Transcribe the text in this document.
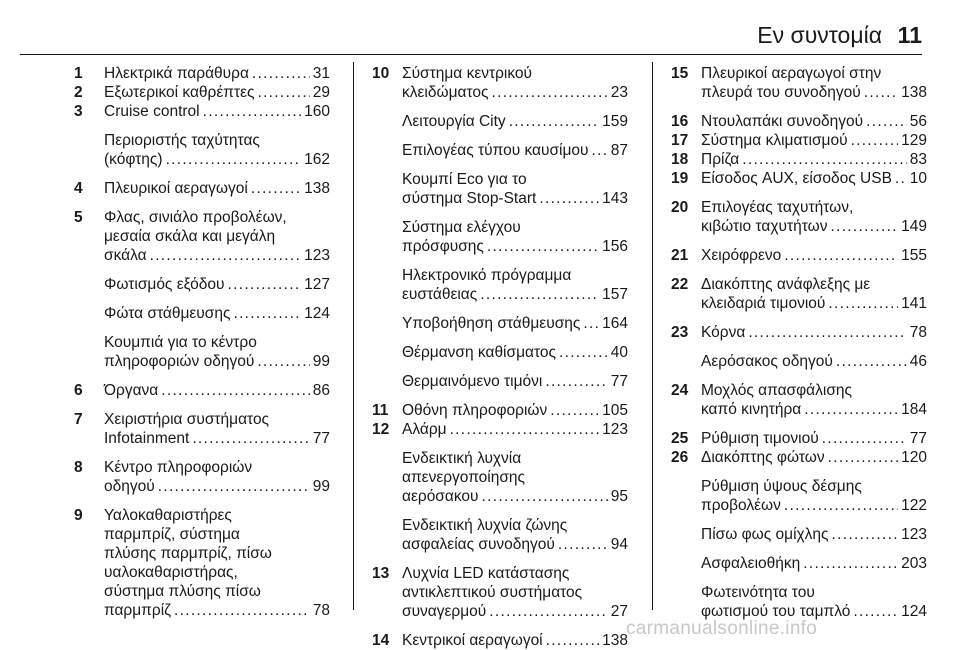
Εν συντομία 11
1 Ηλεκτρικά παράθυρα . . .	31
2 Εξωτερικοί καθρέπτες . . .	29
3 Cruise control . . .	160
Περιοριστής ταχύτητας
(κόφτης) . . .	162
4 Πλευρικοί αεραγωγοί . . .	138
5 Φλας, σινιάλο προβολέων,
μεσαία σκάλα και μεγάλη
σκάλα . . .	123
Φωτισμός εξόδου . . .	127
Φώτα στάθμευσης . . .	124
Κουμπιά για το κέντρο
πληροφοριών οδηγού . . .	99
6 Όργανα . . .	86
7 Χειριστήρια συστήματος
Infotainment . . .	77
8 Κέντρο πληροφοριών
οδηγού . . .	99
9 Υαλοκαθαριστήρες
παρμπρίζ, σύστημα
πλύσης παρμπρίζ, πίσω
υαλοκαθαριστήρας,
σύστημα πλύσης πίσω
παρμπρίζ . . .	78
10 Σύστημα κεντρικού
κλειδώματος . . .	23
Λειτουργία City . . .	159
Επιλογέας τύπου καυσίμου . . . 87
Κουμπί Eco για το
σύστημα Stop-Start . . .	143
Σύστημα ελέγχου
πρόσφυσης . . .	156
Ηλεκτρονικό πρόγραμμα
ευστάθειας . . .	157
Υποβοήθηση στάθμευσης . . . 164
Θέρμανση καθίσματος . . .	40
Θερμαινόμενο τιμόνι . . .	77
11 Οθόνη πληροφοριών . . .	105
12 Αλάρμ . . .	123
Ενδεικτική λυχνία
απενεργοποίησης
αερόσακου . . .	95
Ενδεικτική λυχνία ζώνης
ασφαλείας συνοδηγού . . .	94
13 Λυχνία LED κατάστασης
αντικλεπτικού συστήματος
συναγερμού . . .	27
14 Κεντρικοί αεραγωγοί . . .	138
15 Πλευρικοί αεραγωγοί στην
πλευρά του συνοδηγού . . .	138
16 Ντουλαπάκι συνοδηγού . . .	56
17 Σύστημα κλιματισμού . . .	129
18 Πρίζα . . .	83
19 Είσοδος AUX, είσοδος USB . . . 10
20 Επιλογέας ταχυτήτων,
κιβώτιο ταχυτήτων . . .	149
21 Χειρόφρενο . . .	155
22 Διακόπτης ανάφλεξης με
κλειδαριά τιμονιού . . .	141
23 Κόρνα . . .	78
Αερόσακος οδηγού . . .	46
24 Μοχλός απασφάλισης
καπό κινητήρα . . .	184
25 Ρύθμιση τιμονιού . . .	77
26 Διακόπτης φώτων . . .	120
Ρύθμιση ύψους δέσμης
προβολέων . . .	122
Πίσω φως ομίχλης . . .	123
Ασφαλειοθήκη . . .	203
Φωτεινότητα του
φωτισμού του ταμπλό . . .	124
carmanualsonline.info
